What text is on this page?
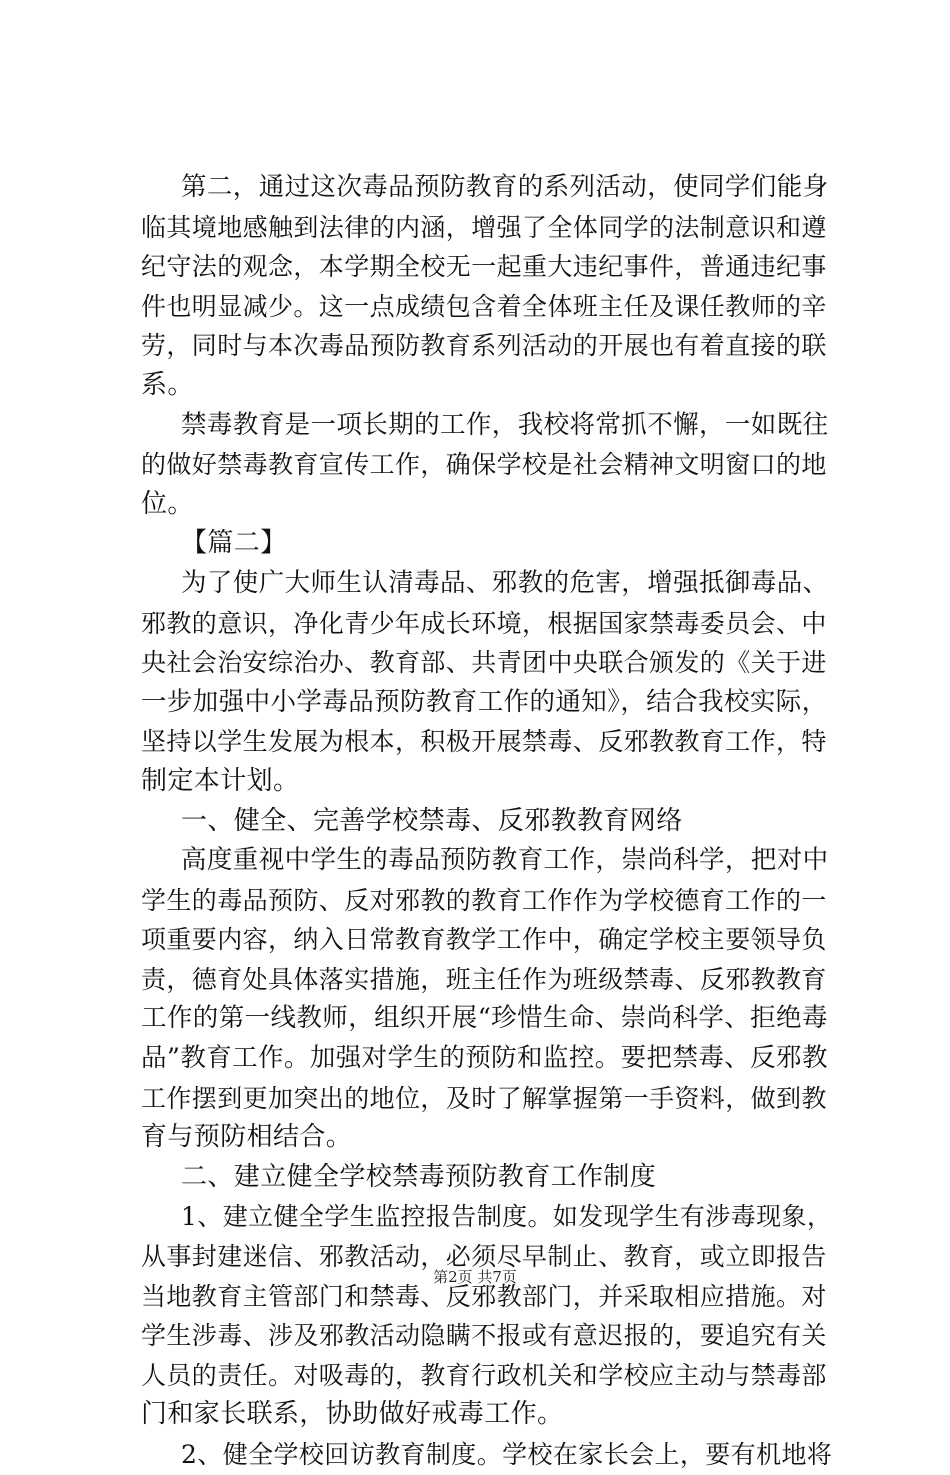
第二，通过这次毒品预防教育的系列活动，使同学们能身
临其境地感触到法律的内涵，增强了全体同学的法制意识和遵
纪守法的观念，本学期全校无一起重大违纪事件，普通违纪事
件也明显减少。这一点成绩包含着全体班主任及课任教师的辛
劳，同时与本次毒品预防教育系列活动的开展也有着直接的联
系。
禁毒教育是一项长期的工作，我校将常抓不懈，一如既往
的做好禁毒教育宣传工作，确保学校是社会精神文明窗口的地
位。
【篇二】
为了使广大师生认清毒品、邪教的危害，增强抵御毒品、
邪教的意识，净化青少年成长环境，根据国家禁毒委员会、中
央社会治安综治办、教育部、共青团中央联合颁发的《关于进
一步加强中小学毒品预防教育工作的通知》，结合我校实际，
坚持以学生发展为根本，积极开展禁毒、反邪教教育工作，特
制定本计划。
一、健全、完善学校禁毒、反邪教教育网络
高度重视中学生的毒品预防教育工作，崇尚科学，把对中
学生的毒品预防、反对邪教的教育工作作为学校德育工作的一
项重要内容，纳入日常教育教学工作中，确定学校主要领导负
责，德育处具体落实措施，班主任作为班级禁毒、反邪教教育
工作的第一线教师，组织开展“珍惜生命、崇尚科学、拒绝毒
品”教育工作。加强对学生的预防和监控。要把禁毒、反邪教
工作摆到更加突出的地位，及时了解掌握第一手资料，做到教
育与预防相结合。
二、建立健全学校禁毒预防教育工作制度
1、建立健全学生监控报告制度。如发现学生有涉毒现象，
从事封建迷信、邪教活动，必须尽早制止、教育，或立即报告
当地教育主管部门和禁毒、反邪教部门，并采取相应措施。对
学生涉毒、涉及邪教活动隐瞒不报或有意迟报的，要追究有关
人员的责任。对吸毒的，教育行政机关和学校应主动与禁毒部
门和家长联系，协助做好戒毒工作。
2、健全学校回访教育制度。学校在家长会上，要有机地将
第2页 共7页
